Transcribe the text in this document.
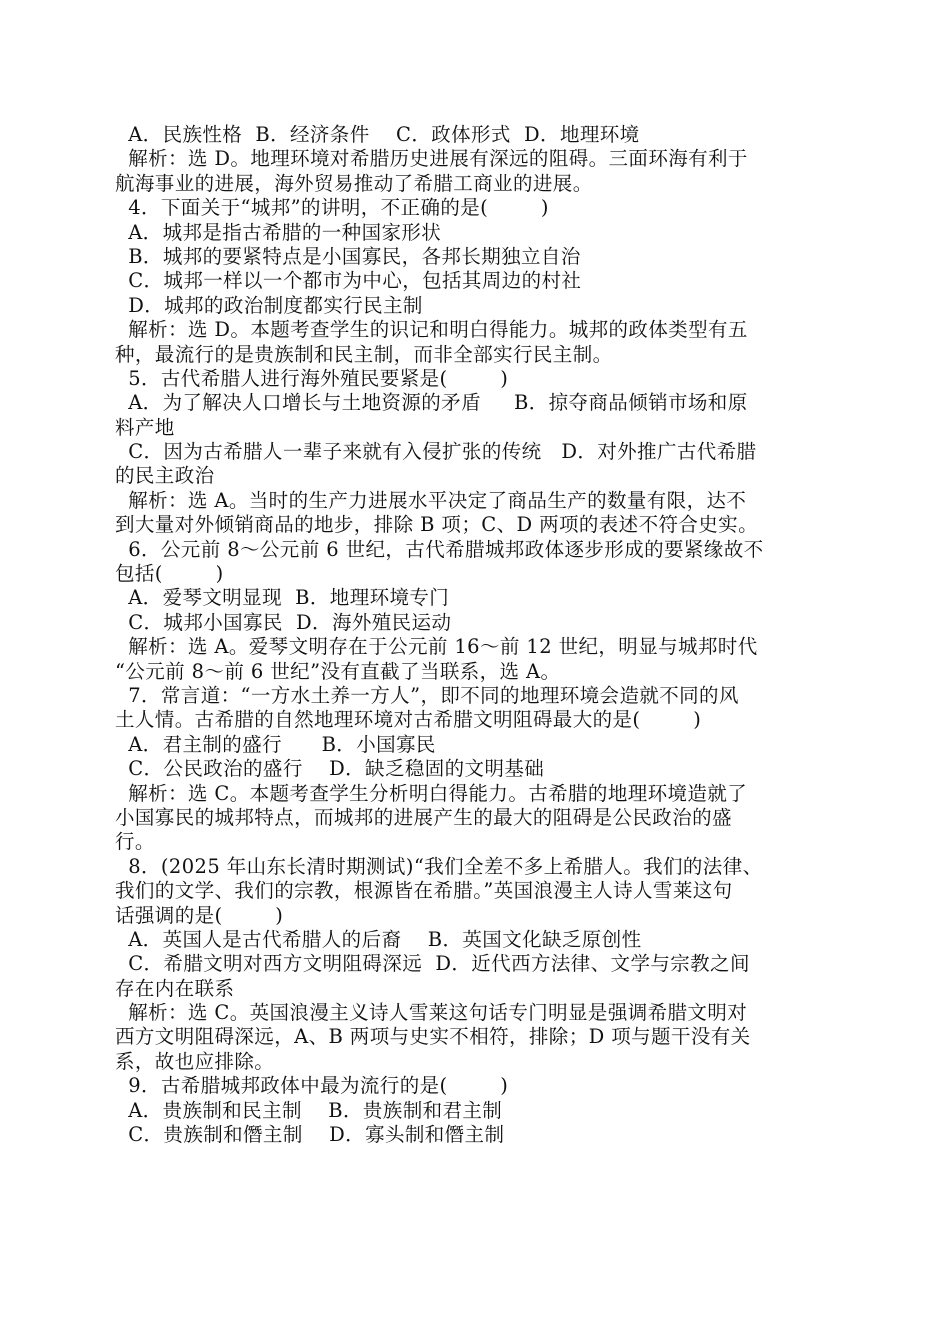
A．民族性格  B．经济条件    C．政体形式  D．地理环境
解析：选 D。地理环境对希腊历史进展有深远的阻碍。三面环海有利于
航海事业的进展，海外贸易推动了希腊工商业的进展。
4．下面关于“城邦”的讲明，不正确的是(        )
A．城邦是指古希腊的一种国家形状
B．城邦的要紧特点是小国寡民，各邦长期独立自治
C．城邦一样以一个都市为中心，包括其周边的村社
D．城邦的政治制度都实行民主制
解析：选 D。本题考查学生的识记和明白得能力。城邦的政体类型有五
种，最流行的是贵族制和民主制，而非全部实行民主制。
5．古代希腊人进行海外殖民要紧是(        )
A．为了解决人口增长与土地资源的矛盾     B．掠夺商品倾销市场和原
料产地
C．因为古希腊人一辈子来就有入侵扩张的传统   D．对外推广古代希腊
的民主政治
解析：选 A。当时的生产力进展水平决定了商品生产的数量有限，达不
到大量对外倾销商品的地步，排除 B 项；C、D 两项的表述不符合史实。
6．公元前 8～公元前 6 世纪，古代希腊城邦政体逐步形成的要紧缘故不
包括(        )
A．爱琴文明显现  B．地理环境专门
C．城邦小国寡民  D．海外殖民运动
解析：选 A。爱琴文明存在于公元前 16～前 12 世纪，明显与城邦时代
“公元前 8～前 6 世纪”没有直截了当联系，选 A。
7．常言道：“一方水土养一方人”，即不同的地理环境会造就不同的风
土人情。古希腊的自然地理环境对古希腊文明阻碍最大的是(        )
A．君主制的盛行      B．小国寡民
C．公民政治的盛行    D．缺乏稳固的文明基础
解析：选 C。本题考查学生分析明白得能力。古希腊的地理环境造就了
小国寡民的城邦特点，而城邦的进展产生的最大的阻碍是公民政治的盛
行。
8．(2025 年山东长清时期测试)“我们全差不多上希腊人。我们的法律、
我们的文学、我们的宗教，根源皆在希腊。”英国浪漫主人诗人雪莱这句
话强调的是(        )
A．英国人是古代希腊人的后裔    B．英国文化缺乏原创性
C．希腊文明对西方文明阻碍深远  D．近代西方法律、文学与宗教之间
存在内在联系
解析：选 C。英国浪漫主义诗人雪莱这句话专门明显是强调希腊文明对
西方文明阻碍深远，A、B 两项与史实不相符，排除；D 项与题干没有关
系，故也应排除。
9．古希腊城邦政体中最为流行的是(        )
A．贵族制和民主制    B．贵族制和君主制
C．贵族制和僭主制    D．寡头制和僭主制
